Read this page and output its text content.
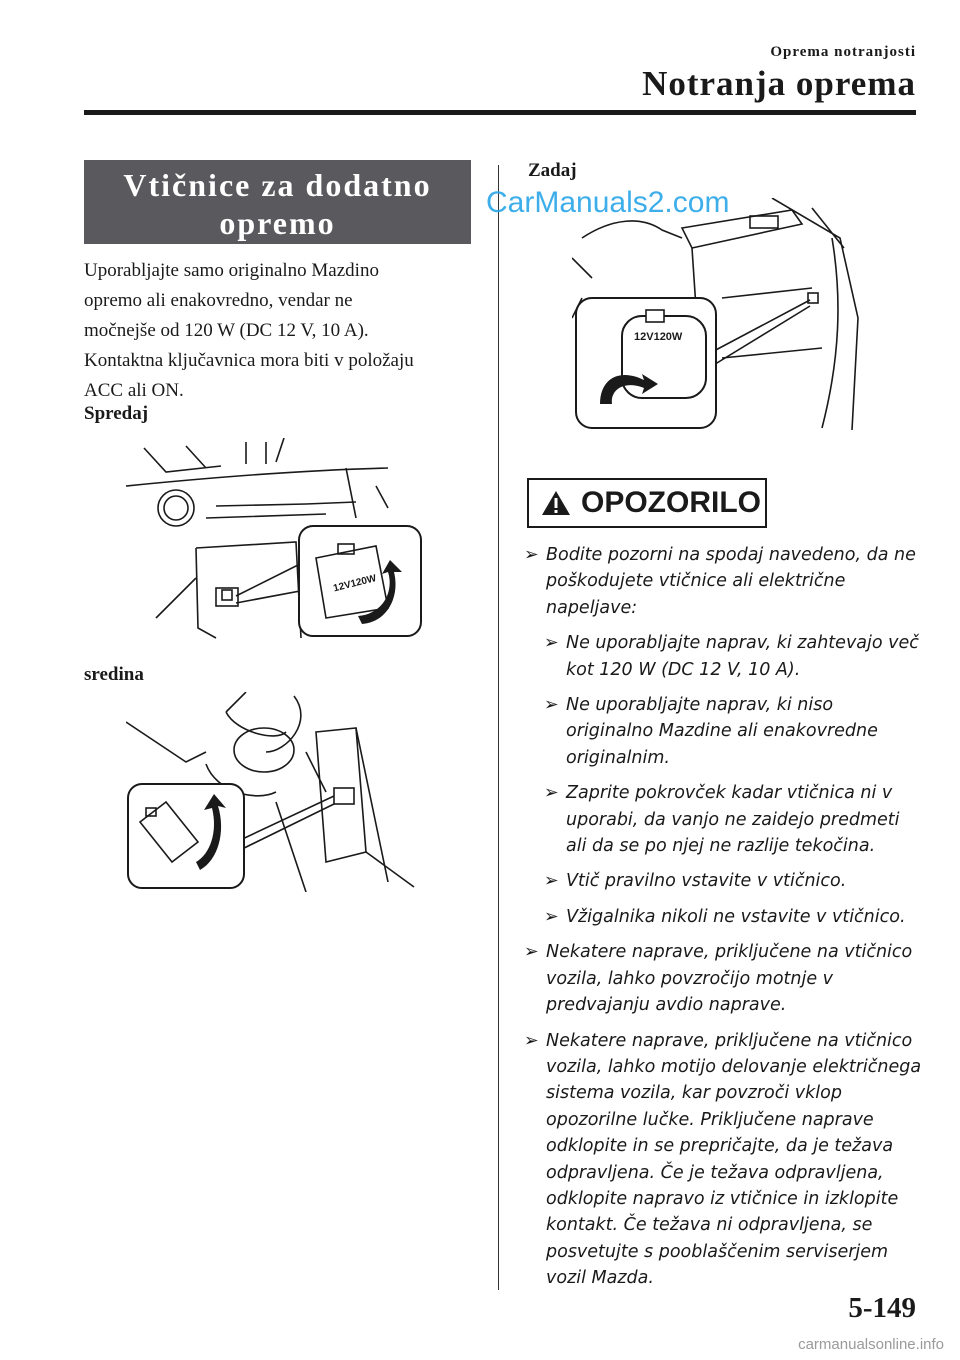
Oprema notranjosti
Notranja oprema
Vtičnice za dodatno
opremo
Uporabljajte samo originalno Mazdino
opremo ali enakovredno, vendar ne
močnejše od 120 W (DC 12 V, 10 A).
Kontaktna ključavnica mora biti v položaju
ACC ali ON.
Spredaj
12V120W
sredina
Zadaj
CarManuals2.com
12V120W
OPOZORILO
➢ Bodite pozorni na spodaj navedeno, da ne poškodujete vtičnice ali električne napeljave:
➢ Ne uporabljajte naprav, ki zahtevajo več kot 120 W (DC 12 V, 10 A).
➢ Ne uporabljajte naprav, ki niso originalno Mazdine ali enakovredne originalnim.
➢ Zaprite pokrovček kadar vtičnica ni v uporabi, da vanjo ne zaidejo predmeti ali da se po njej ne razlije tekočina.
➢ Vtič pravilno vstavite v vtičnico.
➢ Vžigalnika nikoli ne vstavite v vtičnico.
➢ Nekatere naprave, priključene na vtičnico vozila, lahko povzročijo motnje v predvajanju avdio naprave.
➢ Nekatere naprave, priključene na vtičnico vozila, lahko motijo delovanje električnega sistema vozila, kar povzroči vklop opozorilne lučke. Priključene naprave odklopite in se prepričajte, da je težava odpravljena. Če je težava odpravljena, odklopite napravo iz vtičnice in izklopite kontakt. Če težava ni odpravljena, se posvetujte s pooblaščenim serviserjem vozil Mazda.
5-149
carmanualsonline.info
